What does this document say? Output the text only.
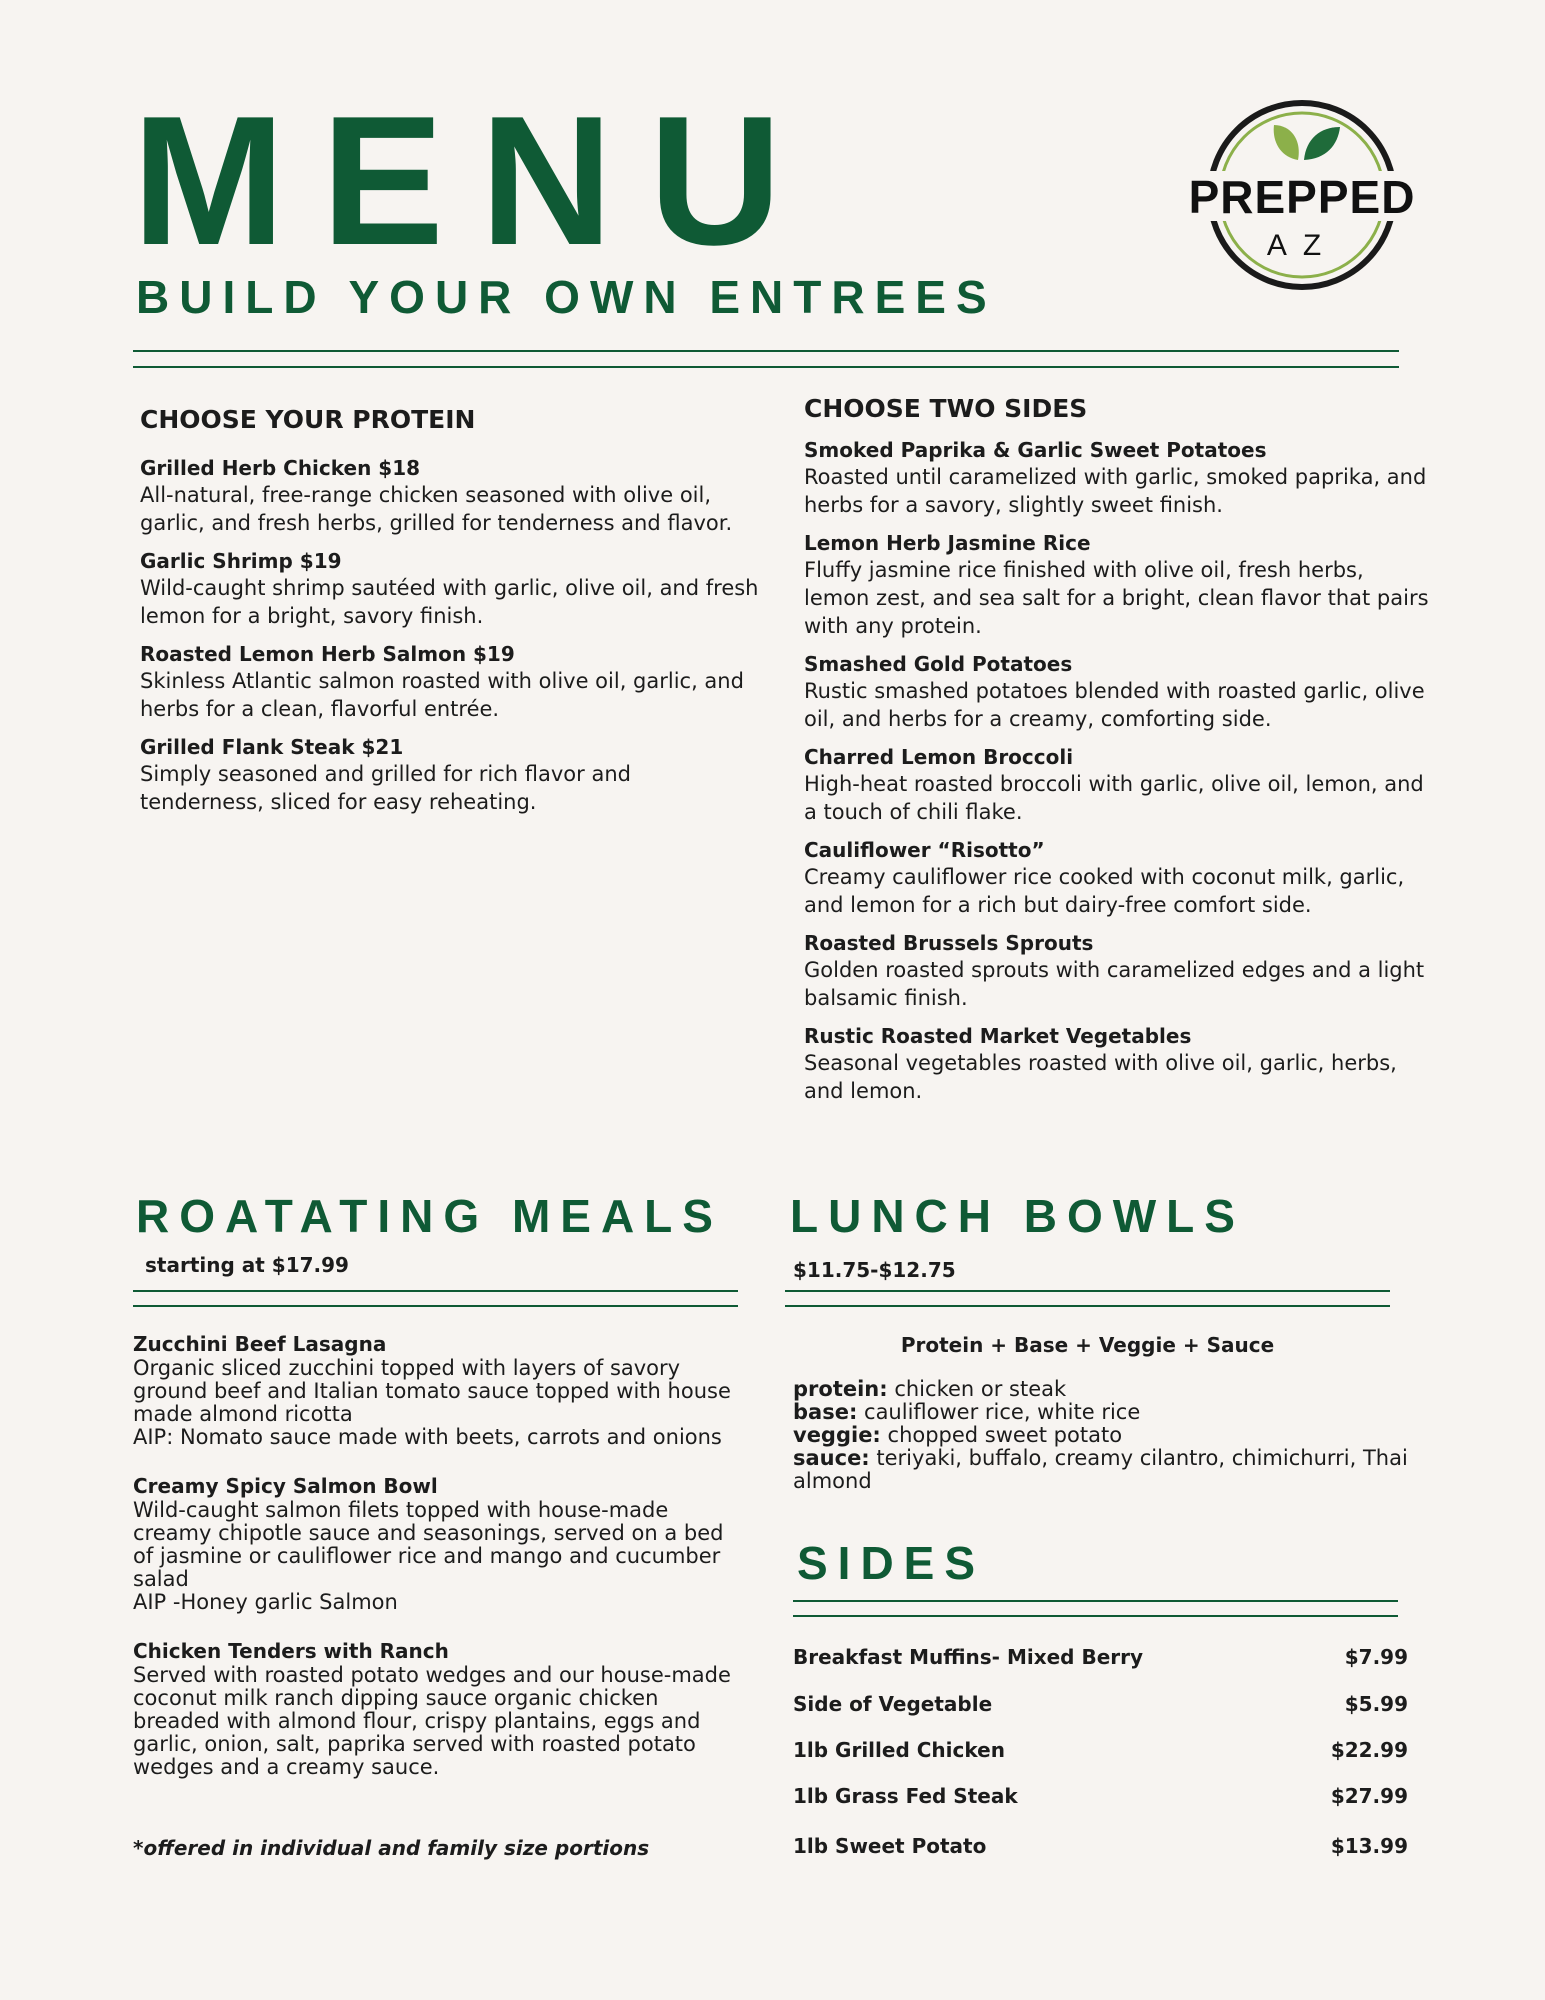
MENU
BUILD YOUR OWN ENTREES
PREPPED
AZ
CHOOSE YOUR PROTEIN
Grilled Herb Chicken $18
All-natural, free-range chicken seasoned with olive oil, garlic, and fresh herbs, grilled for tenderness and flavor.
Garlic Shrimp $19
Wild-caught shrimp sautéed with garlic, olive oil, and fresh lemon for a bright, savory finish.
Roasted Lemon Herb Salmon $19
Skinless Atlantic salmon roasted with olive oil, garlic, and herbs for a clean, flavorful entrée.
Grilled Flank Steak $21
Simply seasoned and grilled for rich flavor and tenderness, sliced for easy reheating.
CHOOSE TWO SIDES
Smoked Paprika & Garlic Sweet Potatoes
Roasted until caramelized with garlic, smoked paprika, and herbs for a savory, slightly sweet finish.
Lemon Herb Jasmine Rice
Fluffy jasmine rice finished with olive oil, fresh herbs, lemon zest, and sea salt for a bright, clean flavor that pairs with any protein.
Smashed Gold Potatoes
Rustic smashed potatoes blended with roasted garlic, olive oil, and herbs for a creamy, comforting side.
Charred Lemon Broccoli
High-heat roasted broccoli with garlic, olive oil, lemon, and a touch of chili flake.
Cauliflower “Risotto”
Creamy cauliflower rice cooked with coconut milk, garlic, and lemon for a rich but dairy-free comfort side.
Roasted Brussels Sprouts
Golden roasted sprouts with caramelized edges and a light balsamic finish.
Rustic Roasted Market Vegetables
Seasonal vegetables roasted with olive oil, garlic, herbs, and lemon.
ROATATING MEALS
starting at $17.99
Zucchini Beef Lasagna
Organic sliced zucchini topped with layers of savory ground beef and Italian tomato sauce topped with house made almond ricotta
AIP: Nomato sauce made with beets, carrots and onions
Creamy Spicy Salmon Bowl
Wild-caught salmon filets topped with house-made creamy chipotle sauce and seasonings, served on a bed of jasmine or cauliflower rice and mango and cucumber salad
AIP -Honey garlic Salmon
Chicken Tenders with Ranch
Served with roasted potato wedges and our house-made coconut milk ranch dipping sauce organic chicken breaded with almond flour, crispy plantains, eggs and garlic, onion, salt, paprika served with roasted potato wedges and a creamy sauce.
*offered in individual and family size portions
LUNCH BOWLS
$11.75-$12.75
Protein + Base + Veggie + Sauce
protein: chicken or steak
base: cauliflower rice, white rice
veggie: chopped sweet potato
sauce: teriyaki, buffalo, creamy cilantro, chimichurri, Thai almond
SIDES
Breakfast Muffins- Mixed Berry	$7.99
Side of Vegetable	$5.99
1lb Grilled Chicken	$22.99
1lb Grass Fed Steak	$27.99
1lb Sweet Potato	$13.99
